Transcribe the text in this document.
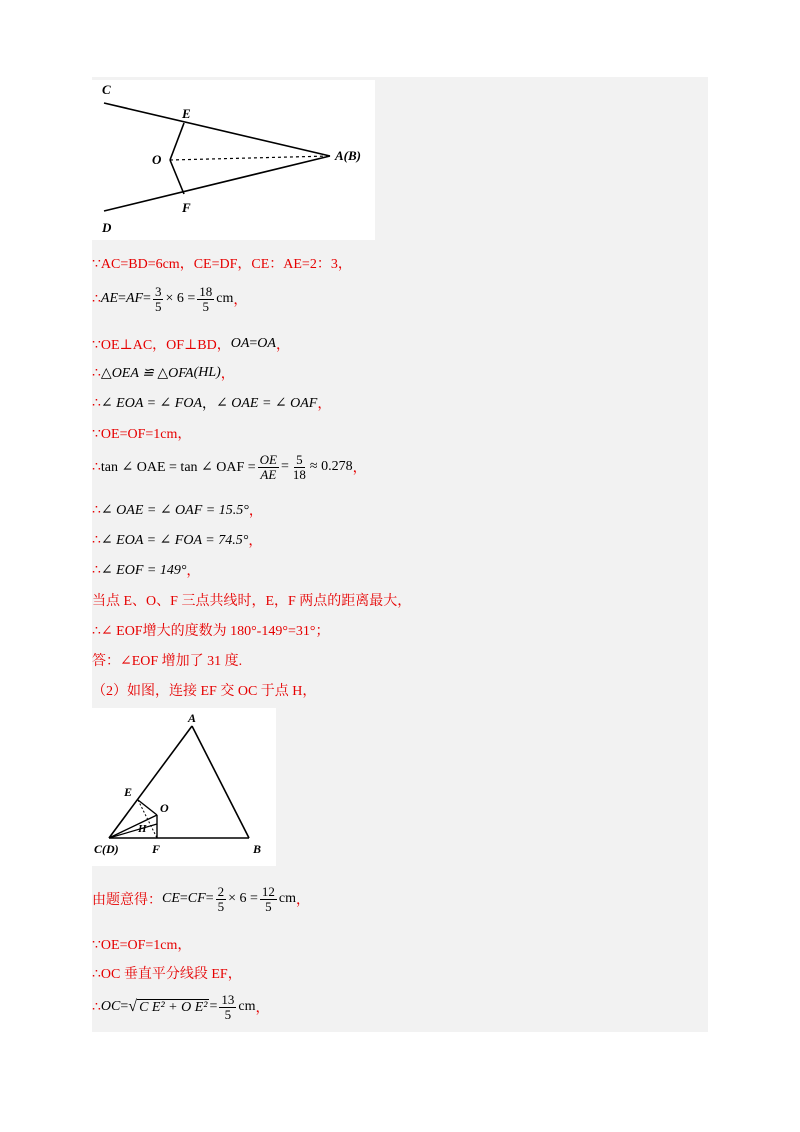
C
E
O	A(B)
F
D
∵AC=BD=6cm，CE=DF，CE：AE=2：3，
∴ AE = AF = $\frac{3}{5} \times 6 = \frac{18}{5}$ cm ，
∵OE⊥AC，OF⊥BD， OA = OA ，
∴ △OEA ≌ △OFA (HL) ，
∴ ∠ EOA = ∠ FOA ， ∠ OAE = ∠ OAF ，
∵OE=OF=1cm，
∴ tan ∠ OAE = tan ∠ OAF = $\frac{OE}{AE} = \frac{5}{18} \approx 0.278$ ，
∴ ∠ OAE = ∠ OAF = 15.5° ，
∴ ∠ EOA = ∠ FOA = 74.5° ，
∴ ∠ EOF = 149° ，
当点 E、O、F 三点共线时，E，F 两点的距离最大，
∴∠ EOF增大的度数为 180°-149°=31°；
答：∠EOF 增加了 31 度.
（2）如图，连接 EF 交 OC 于点 H，
A
E
O
H
C(D)	F	B
由题意得： CE = CF = $\frac{2}{5} \times 6 = \frac{12}{5}$ cm ，
∵OE=OF=1cm，
∴OC 垂直平分线段 EF，
∴ OC = √ C E² + O $E^2 = \frac{13}{5}$ cm ，
